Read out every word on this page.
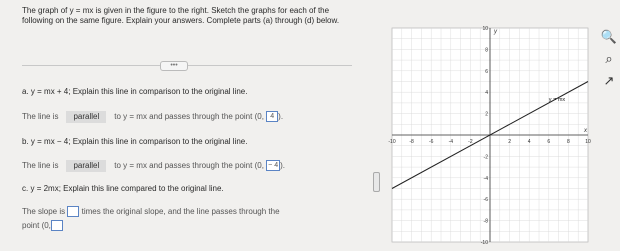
The graph of y = mx is given in the figure to the right. Sketch the graphs for each of the following on the same figure. Explain your answers. Complete parts (a) through (d) below.
•••
a. y = mx + 4; Explain this line in comparison to the original line.
The line is parallel to y = mx and passes through the point (0, 4 ).
b. y = mx − 4; Explain this line in comparison to the original line.
The line is parallel to y = mx and passes through the point (0, − 4 ).
c. y = 2mx; Explain this line compared to the original line.
The slope is times the original slope, and the line passes through the
point (0,
-10	-8	-6	-4	-2	2	4	6	8	10
10
8
6
4
2
-2
-4
-6
-8
-10
y
x
y = mx
🔍
⌕
↗
